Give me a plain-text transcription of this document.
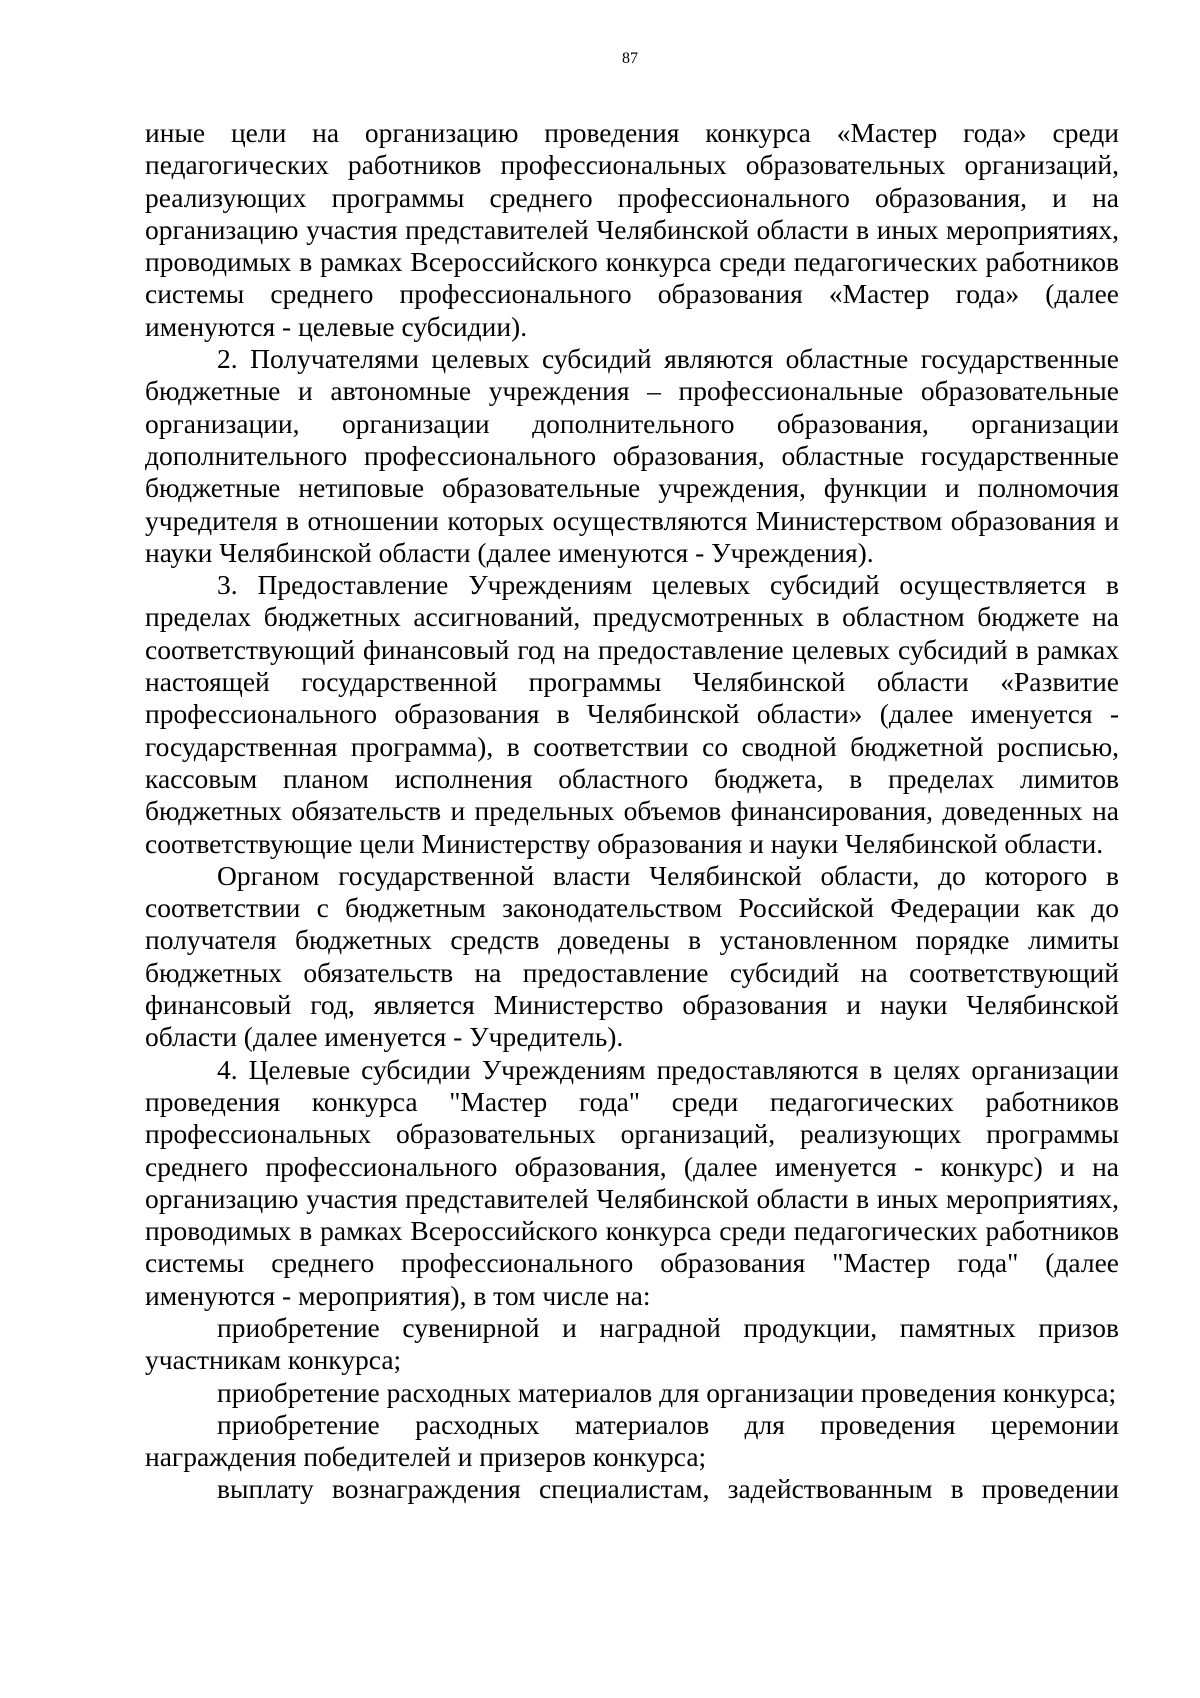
87

иные цели на организацию проведения конкурса «Мастер года» среди педагогических работников профессиональных образовательных организаций, реализующих программы среднего профессионального образования, и на организацию участия представителей Челябинской области в иных мероприятиях, проводимых в рамках Всероссийского конкурса среди педагогических работников системы среднего профессионального образования «Мастер года» (далее именуются - целевые субсидии).

2. Получателями целевых субсидий являются областные государственные бюджетные и автономные учреждения – профессиональные образовательные организации, организации дополнительного образования, организации дополнительного профессионального образования, областные государственные бюджетные нетиповые образовательные учреждения, функции и полномочия учредителя в отношении которых осуществляются Министерством образования и науки Челябинской области (далее именуются - Учреждения).

3. Предоставление Учреждениям целевых субсидий осуществляется в пределах бюджетных ассигнований, предусмотренных в областном бюджете на соответствующий финансовый год на предоставление целевых субсидий в рамках настоящей государственной программы Челябинской области «Развитие профессионального образования в Челябинской области» (далее именуется - государственная программа), в соответствии со сводной бюджетной росписью, кассовым планом исполнения областного бюджета, в пределах лимитов бюджетных обязательств и предельных объемов финансирования, доведенных на соответствующие цели Министерству образования и науки Челябинской области.

Органом государственной власти Челябинской области, до которого в соответствии с бюджетным законодательством Российской Федерации как до получателя бюджетных средств доведены в установленном порядке лимиты бюджетных обязательств на предоставление субсидий на соответствующий финансовый год, является Министерство образования и науки Челябинской области (далее именуется - Учредитель).

4. Целевые субсидии Учреждениям предоставляются в целях организации проведения конкурса "Мастер года" среди педагогических работников профессиональных образовательных организаций, реализующих программы среднего профессионального образования, (далее именуется - конкурс) и на организацию участия представителей Челябинской области в иных мероприятиях, проводимых в рамках Всероссийского конкурса среди педагогических работников системы среднего профессионального образования "Мастер года" (далее именуются - мероприятия), в том числе на:

приобретение сувенирной и наградной продукции, памятных призов участникам конкурса;

приобретение расходных материалов для организации проведения конкурса;

приобретение расходных материалов для проведения церемонии награждения победителей и призеров конкурса;

выплату вознаграждения специалистам, задействованным в проведении
